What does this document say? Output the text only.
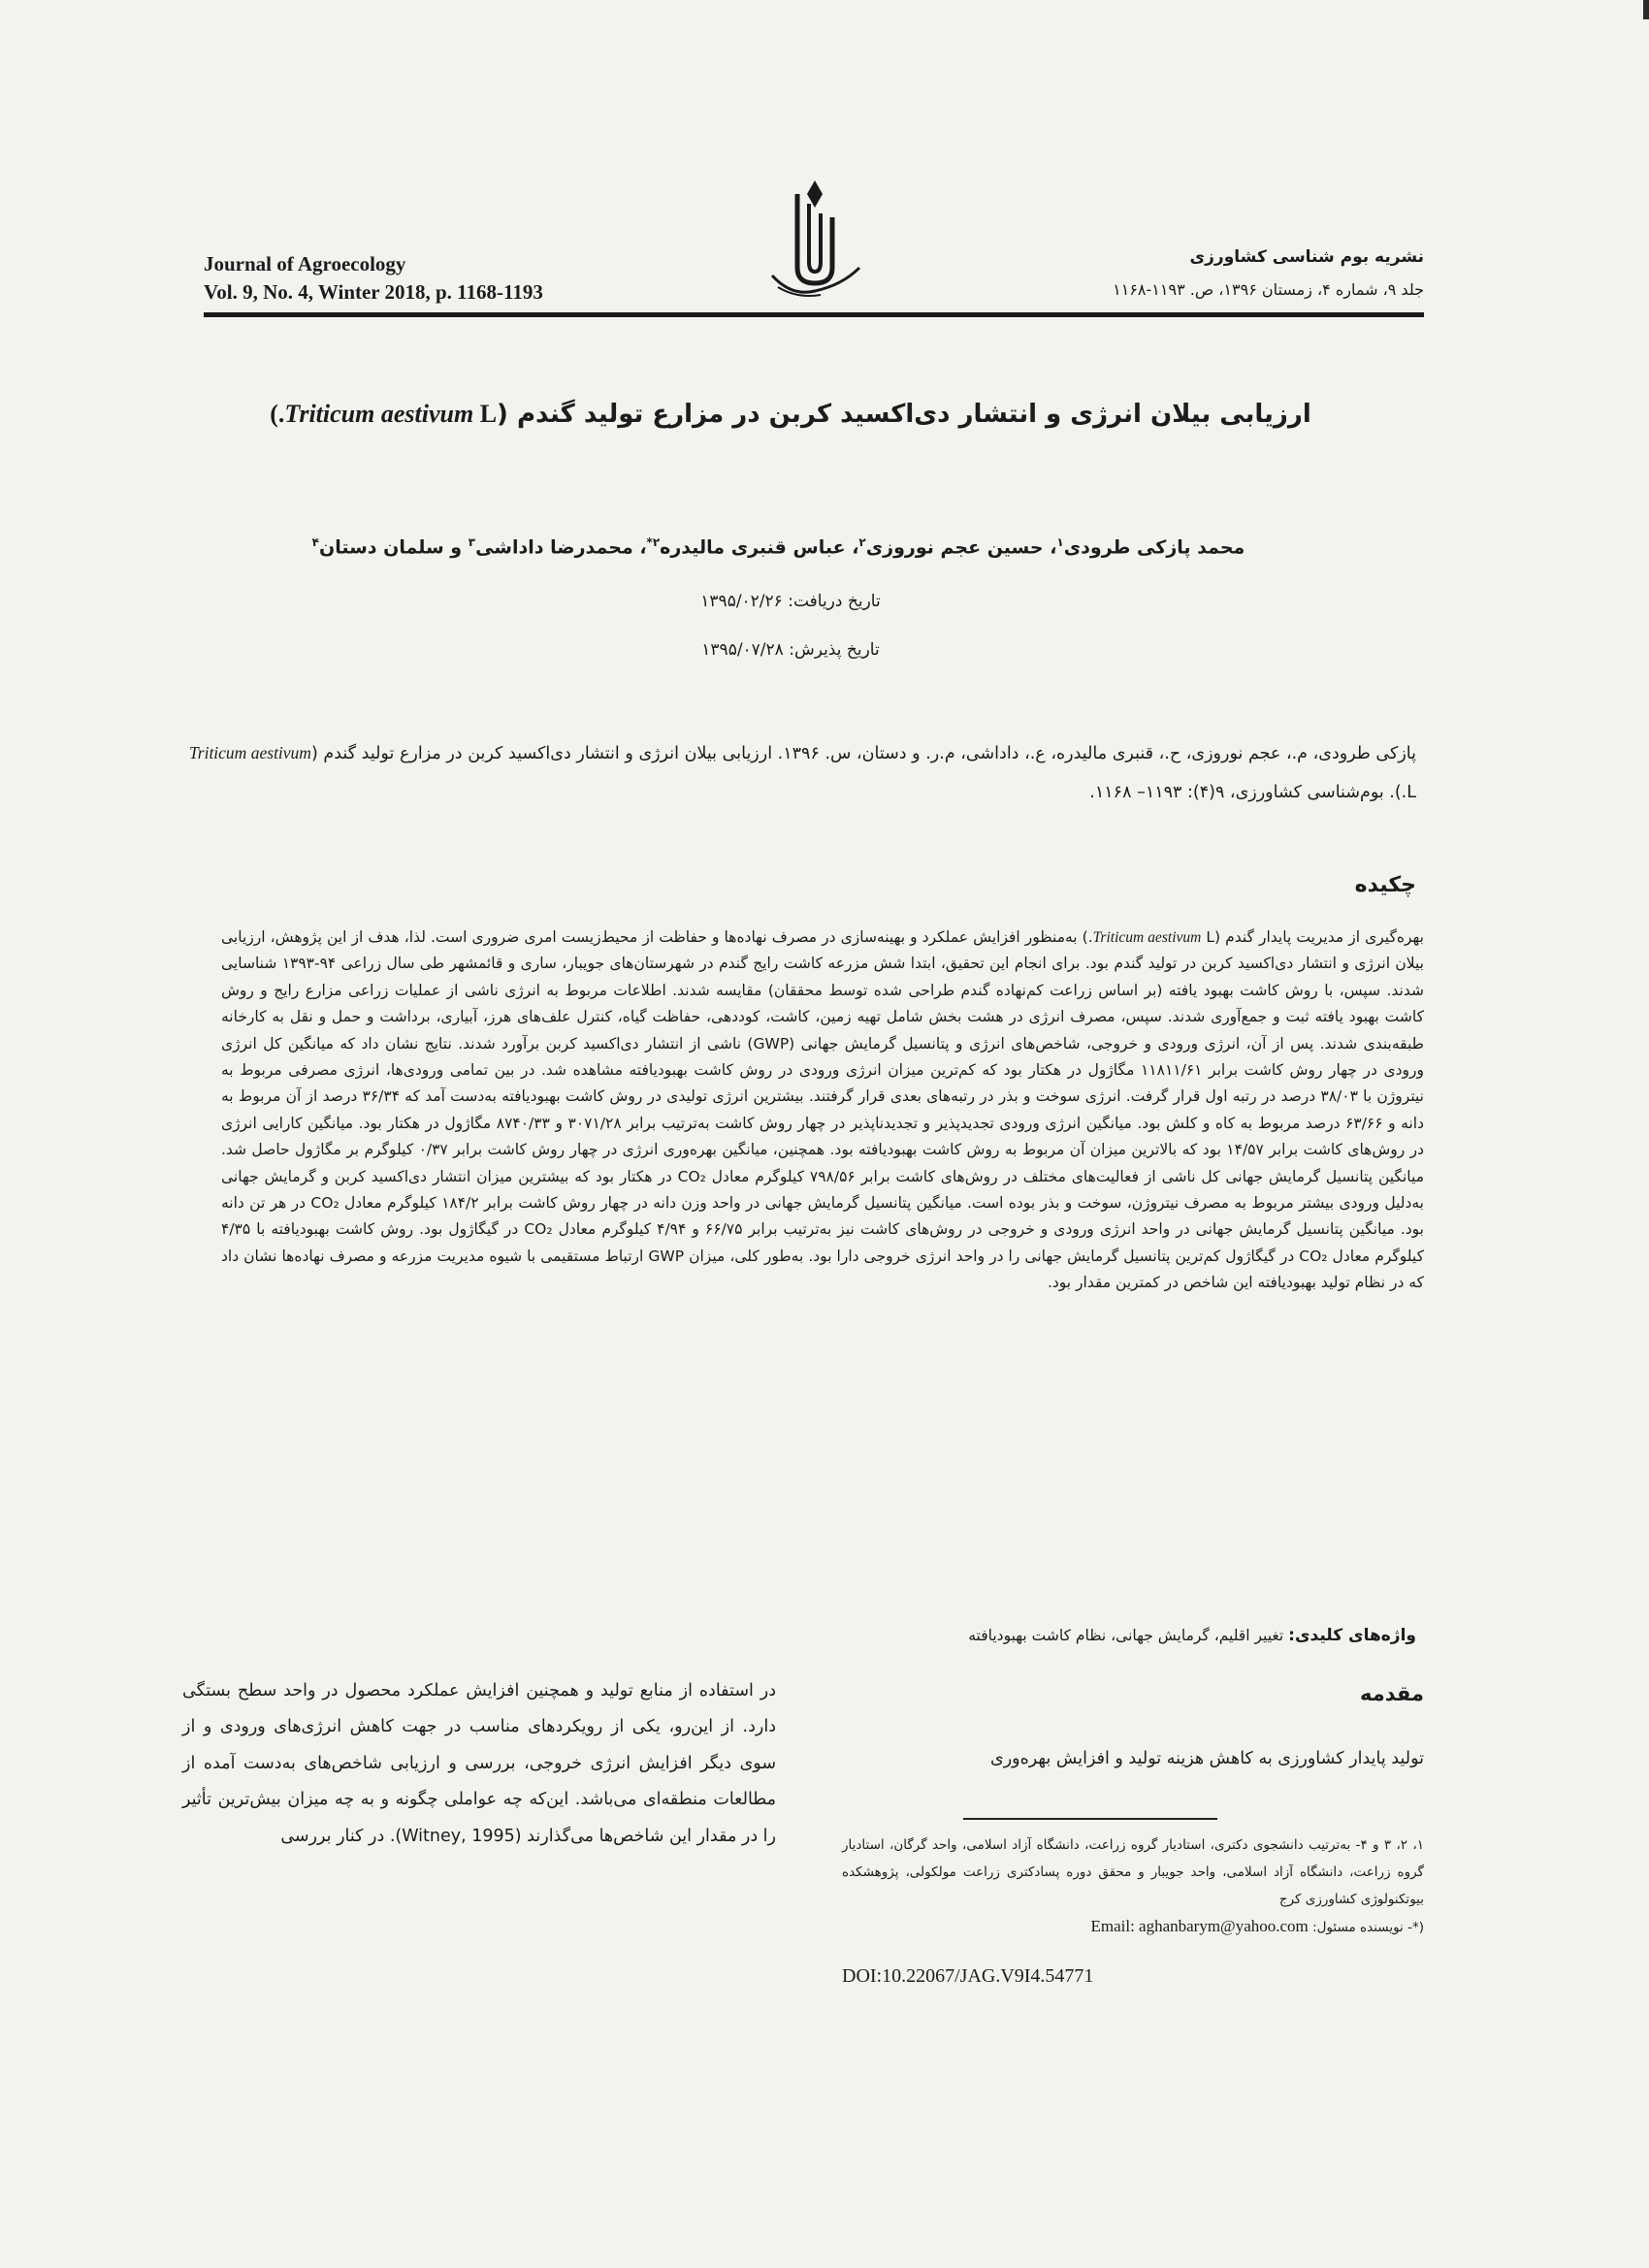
Journal of Agroecology
Vol. 9, No. 4, Winter 2018, p. 1168-1193
نشریه بوم شناسی کشاورزی
جلد ۹، شماره ۴، زمستان ۱۳۹۶، ص. ۱۱۹۳-۱۱۶۸
ارزیابی بیلان انرژی و انتشار دی‌اکسید کربن در مزارع تولید گندم (Triticum aestivum L.)
محمد پازکی طرودی$^۱$، حسین عجم نوروزی$^۲$، عباس قنبری مالیدره$^{۲*}$، محمدرضا داداشی$^۳$ و سلمان دستان$^۴$
تاریخ دریافت: ۱۳۹۵/۰۲/۲۶
تاریخ پذیرش: ۱۳۹۵/۰۷/۲۸
پازکی طرودی، م.، عجم نوروزی، ح.، قنبری مالیدره، ع.، داداشی، م.ر. و دستان، س. ۱۳۹۶. ارزیابی بیلان انرژی و انتشار دی‌اکسید کربن در مزارع تولید گندم (Triticum aestivum L.). بوم‌شناسی کشاورزی، ۹(۴): ۱۱۹۳– ۱۱۶۸.
چکیده
بهره‌گیری از مدیریت پایدار گندم (Triticum aestivum L.) به‌منظور افزایش عملکرد و بهینه‌سازی در مصرف نهاده‌ها و حفاظت از محیط‌زیست امری ضروری است. لذا، هدف از این پژوهش، ارزیابی بیلان انرژی و انتشار دی‌اکسید کربن در تولید گندم بود. برای انجام این تحقیق، ابتدا شش مزرعه کاشت رایج گندم در شهرستان‌های جویبار، ساری و قائمشهر طی سال زراعی ۹۴-۱۳۹۳ شناسایی شدند. سپس، با روش کاشت بهبود یافته (بر اساس زراعت کم‌نهاده گندم طراحی شده توسط محققان) مقایسه شدند. اطلاعات مربوط به انرژی ناشی از عملیات زراعی مزارع رایج و روش کاشت بهبود یافته ثبت و جمع‌آوری شدند. سپس، مصرف انرژی در هشت بخش شامل تهیه زمین، کاشت، کوددهی، حفاظت گیاه، کنترل علف‌های هرز، آبیاری، برداشت و حمل و نقل به کارخانه طبقه‌بندی شدند. پس از آن، انرژی ورودی و خروجی، شاخص‌های انرژی و پتانسیل گرمایش جهانی (GWP) ناشی از انتشار دی‌اکسید کربن برآورد شدند. نتایج نشان داد که میانگین کل انرژی ورودی در چهار روش کاشت برابر ۱۱۸۱۱/۶۱ مگاژول در هکتار بود که کم‌ترین میزان انرژی ورودی در روش کاشت بهبودیافته مشاهده شد. در بین تمامی ورودی‌ها، انرژی مصرفی مربوط به نیتروژن با ۳۸/۰۳ درصد در رتبه اول قرار گرفت. انرژی سوخت و بذر در رتبه‌های بعدی قرار گرفتند. بیشترین انرژی تولیدی در روش کاشت بهبودیافته به‌دست آمد که ۳۶/۳۴ درصد از آن مربوط به دانه و ۶۳/۶۶ درصد مربوط به کاه و کلش بود. میانگین انرژی ورودی تجدیدپذیر و تجدیدناپذیر در چهار روش کاشت به‌ترتیب برابر ۳۰۷۱/۲۸ و ۸۷۴۰/۳۳ مگاژول در هکتار بود. میانگین کارایی انرژی در روش‌های کاشت برابر ۱۴/۵۷ بود که بالاترین میزان آن مربوط به روش کاشت بهبودیافته بود. همچنین، میانگین بهره‌وری انرژی در چهار روش کاشت برابر ۰/۳۷ کیلوگرم بر مگاژول حاصل شد. میانگین پتانسیل گرمایش جهانی کل ناشی از فعالیت‌های مختلف در روش‌های کاشت برابر ۷۹۸/۵۶ کیلوگرم معادل CO₂ در هکتار بود که بیشترین میزان انتشار دی‌اکسید کربن و گرمایش جهانی به‌دلیل ورودی بیشتر مربوط به مصرف نیتروژن، سوخت و بذر بوده است. میانگین پتانسیل گرمایش جهانی در واحد وزن دانه در چهار روش کاشت برابر ۱۸۴/۲ کیلوگرم معادل CO₂ در هر تن دانه بود. میانگین پتانسیل گرمایش جهانی در واحد انرژی ورودی و خروجی در روش‌های کاشت نیز به‌ترتیب برابر ۶۶/۷۵ و ۴/۹۴ کیلوگرم معادل CO₂ در گیگاژول بود. روش کاشت بهبودیافته با ۴/۳۵ کیلوگرم معادل CO₂ در گیگاژول کم‌ترین پتانسیل گرمایش جهانی را در واحد انرژی خروجی دارا بود. به‌طور کلی، میزان GWP ارتباط مستقیمی با شیوه مدیریت مزرعه و مصرف نهاده‌ها نشان داد که در نظام تولید بهبودیافته این شاخص در کمترین مقدار بود.
واژه‌های کلیدی: تغییر اقلیم، گرمایش جهانی، نظام کاشت بهبودیافته
مقدمه
تولید پایدار کشاورزی به کاهش هزینه تولید و افزایش بهره‌وری
در استفاده از منابع تولید و همچنین افزایش عملکرد محصول در واحد سطح بستگی دارد. از این‌رو، یکی از رویکردهای مناسب در جهت کاهش انرژی‌های ورودی و از سوی دیگر افزایش انرژی خروجی، بررسی و ارزیابی شاخص‌های به‌دست آمده از مطالعات منطقه‌ای می‌باشد. این‌که چه عواملی چگونه و به چه میزان بیش‌ترین تأثیر را در مقدار این شاخص‌ها می‌گذارند (Witney, 1995). در کنار بررسی	۱، ۲، ۳ و ۴- به‌ترتیب دانشجوی دکتری، استادیار گروه زراعت، دانشگاه آزاد اسلامی، واحد گرگان، استادیار گروه زراعت، دانشگاه آزاد اسلامی، واحد جویبار و محقق دوره پسادکتری زراعت مولکولی، پژوهشکده بیوتکنولوژی کشاورزی کرج
(*- نویسنده مسئول: Email: aghanbarym@yahoo.com
DOI:10.22067/JAG.V9I4.54771
